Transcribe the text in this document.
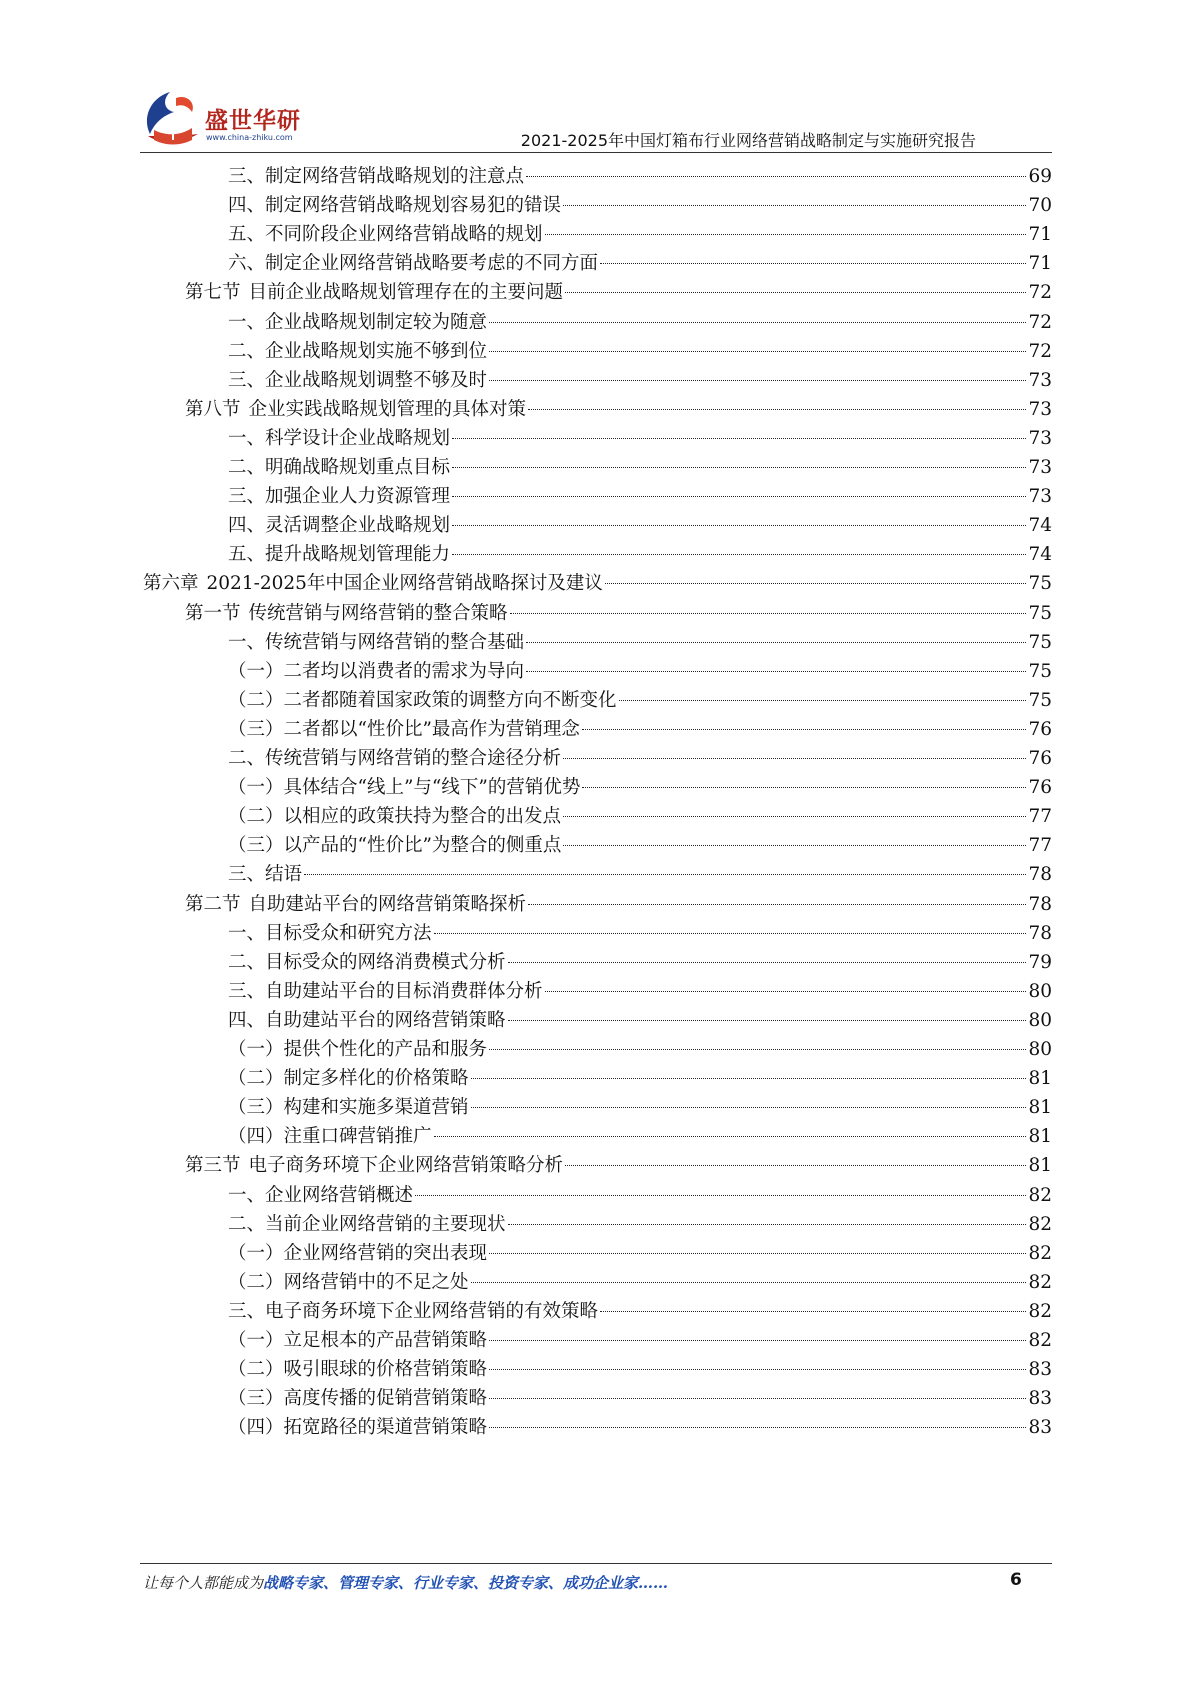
盛世华研
www.china-zhiku.com	2021-2025年中国灯箱布行业网络营销战略制定与实施研究报告
三、制定网络营销战略规划的注意点	69
四、制定网络营销战略规划容易犯的错误	70
五、不同阶段企业网络营销战略的规划	71
六、制定企业网络营销战略要考虑的不同方面	71
第七节 目前企业战略规划管理存在的主要问题	72
一、企业战略规划制定较为随意	72
二、企业战略规划实施不够到位	72
三、企业战略规划调整不够及时	73
第八节 企业实践战略规划管理的具体对策	73
一、科学设计企业战略规划	73
二、明确战略规划重点目标	73
三、加强企业人力资源管理	73
四、灵活调整企业战略规划	74
五、提升战略规划管理能力	74
第六章 2021-2025年中国企业网络营销战略探讨及建议	75
第一节 传统营销与网络营销的整合策略	75
一、传统营销与网络营销的整合基础	75
（一）二者均以消费者的需求为导向	75
（二）二者都随着国家政策的调整方向不断变化	75
（三）二者都以“性价比”最高作为营销理念	76
二、传统营销与网络营销的整合途径分析	76
（一）具体结合“线上”与“线下”的营销优势	76
（二）以相应的政策扶持为整合的出发点	77
（三）以产品的“性价比”为整合的侧重点	77
三、结语	78
第二节 自助建站平台的网络营销策略探析	78
一、目标受众和研究方法	78
二、目标受众的网络消费模式分析	79
三、自助建站平台的目标消费群体分析	80
四、自助建站平台的网络营销策略	80
（一）提供个性化的产品和服务	80
（二）制定多样化的价格策略	81
（三）构建和实施多渠道营销	81
（四）注重口碑营销推广	81
第三节 电子商务环境下企业网络营销策略分析	81
一、企业网络营销概述	82
二、当前企业网络营销的主要现状	82
（一）企业网络营销的突出表现	82
（二）网络营销中的不足之处	82
三、电子商务环境下企业网络营销的有效策略	82
（一）立足根本的产品营销策略	82
（二）吸引眼球的价格营销策略	83
（三）高度传播的促销营销策略	83
（四）拓宽路径的渠道营销策略	83
让每个人都能成为战略专家、管理专家、行业专家、投资专家、成功企业家……	6
